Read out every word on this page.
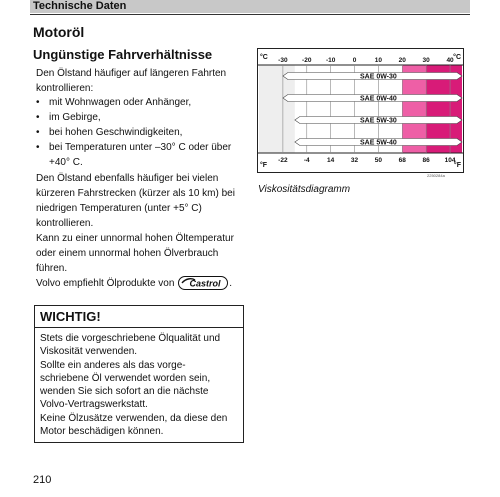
Technische Daten
Motoröl
Ungünstige Fahrverhältnisse
Den Ölstand häufiger auf längeren Fahrten
kontrollieren:
• mit Wohnwagen oder Anhänger,
• im Gebirge,
• bei hohen Geschwindigkeiten,
• bei Temperaturen unter –30° C oder über
+40° C.
Den Ölstand ebenfalls häufiger bei vielen
kürzeren Fahrstrecken (kürzer als 10 km) bei
niedrigen Temperaturen (unter +5° C)
kontrollieren.
Kann zu einer unnormal hohen Öltemperatur
oder einem unnormal hohen Ölverbrauch
führen.
Volvo empfiehlt Ölprodukte von Castrol .
WICHTIG!
Stets die vorgeschriebene Ölqualität und
Viskosität verwenden.
Sollte ein anderes als das vorge-
schriebene Öl verwendet worden sein,
wenden Sie sich sofort an die nächste
Volvo-Vertragswerkstatt.
Keine Ölzusätze verwenden, da diese den
Motor beschädigen können.
210
°C	°C
°F	°F
-30 -20 -10	0	10	20	30	40
-22	-4	14	32	50	68	86 104
SAE 0W-30
SAE 0W-40
SAE 5W-30
SAE 5W-40
2250284a
Viskositätsdiagramm
